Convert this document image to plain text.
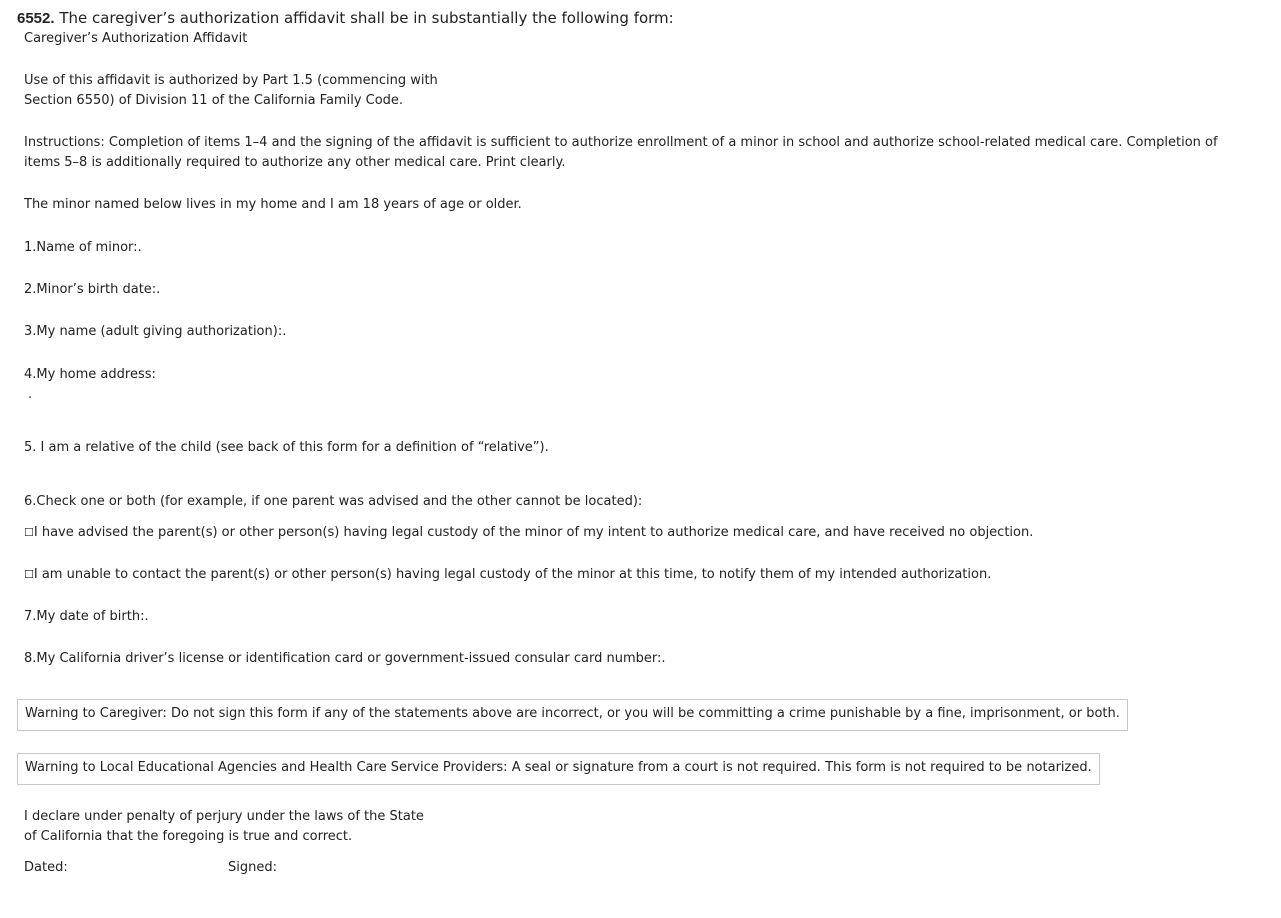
6552. The caregiver’s authorization affidavit shall be in substantially the following form:
Caregiver’s Authorization Affidavit
Use of this affidavit is authorized by Part 1.5 (commencing with
Section 6550) of Division 11 of the California Family Code.
Instructions: Completion of items 1–4 and the signing of the affidavit is sufficient to authorize enrollment of a minor in school and authorize school-related medical care. Completion of items 5–8 is additionally required to authorize any other medical care. Print clearly.
The minor named below lives in my home and I am 18 years of age or older.
1.Name of minor:.
2.Minor’s birth date:.
3.My name (adult giving authorization):.
4.My home address:
.
5. I am a relative of the child (see back of this form for a definition of “relative”).
6.Check one or both (for example, if one parent was advised and the other cannot be located):
☐I have advised the parent(s) or other person(s) having legal custody of the minor of my intent to authorize medical care, and have received no objection.
☐I am unable to contact the parent(s) or other person(s) having legal custody of the minor at this time, to notify them of my intended authorization.
7.My date of birth:.
8.My California driver’s license or identification card or government-issued consular card number:.
Warning to Caregiver: Do not sign this form if any of the statements above are incorrect, or you will be committing a crime punishable by a fine, imprisonment, or both.
Warning to Local Educational Agencies and Health Care Service Providers: A seal or signature from a court is not required. This form is not required to be notarized.
I declare under penalty of perjury under the laws of the State
of California that the foregoing is true and correct.
Dated:	Signed:
